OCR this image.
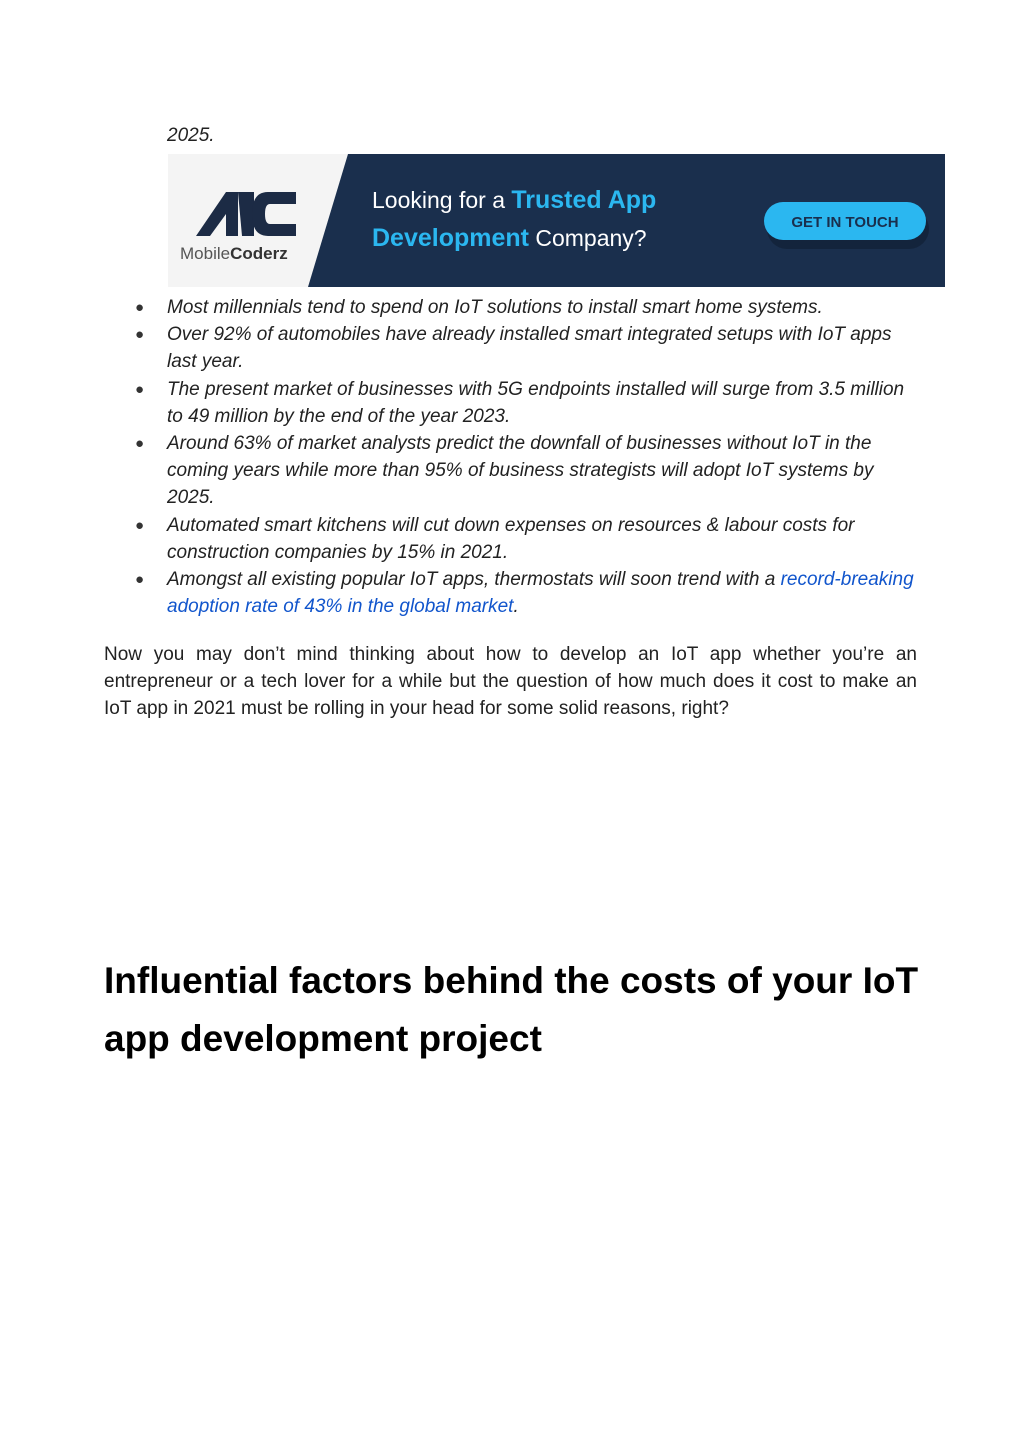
2025.

MobileCoderz
Looking for a Trusted App
Development Company?
GET IN TOUCH
● Most millennials tend to spend on IoT solutions to install smart home systems.
● Over 92% of automobiles have already installed smart integrated setups with IoT apps last year.
● The present market of businesses with 5G endpoints installed will surge from 3.5 million to 49 million by the end of the year 2023.
● Around 63% of market analysts predict the downfall of businesses without IoT in the coming years while more than 95% of business strategists will adopt IoT systems by 2025.
● Automated smart kitchens will cut down expenses on resources & labour costs for construction companies by 15% in 2021.
● Amongst all existing popular IoT apps, thermostats will soon trend with a record-breaking adoption rate of 43% in the global market.

Now you may don’t mind thinking about how to develop an IoT app whether you’re an entrepreneur or a tech lover for a while but the question of how much does it cost to make an IoT app in 2021 must be rolling in your head for some solid reasons, right?

Influential factors behind the costs of your IoT app development project
